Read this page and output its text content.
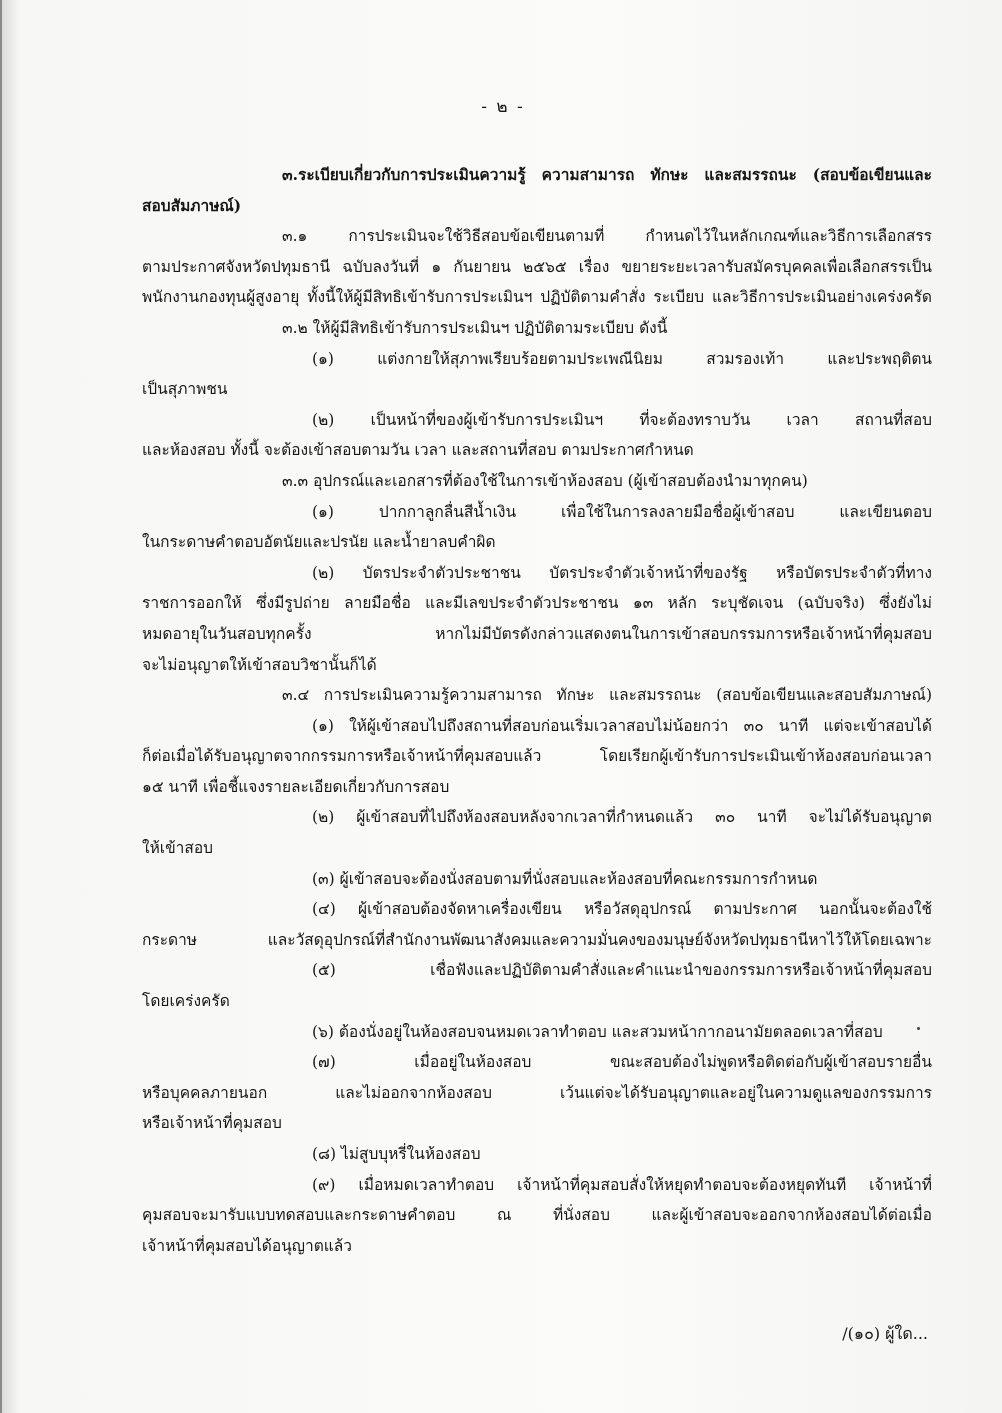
- ๒ -
๓.ระเบียบเกี่ยวกับการประเมินความรู้ ความสามารถ ทักษะ และสมรรถนะ (สอบข้อเขียนและ
สอบสัมภาษณ์)
๓.๑ การประเมินจะใช้วิธีสอบข้อเขียนตามที่ กำหนดไว้ในหลักเกณฑ์และวิธีการเลือกสรร
ตามประกาศจังหวัดปทุมธานี ฉบับลงวันที่ ๑ กันยายน ๒๕๖๕ เรื่อง ขยายระยะเวลารับสมัครบุคคลเพื่อเลือกสรรเป็น
พนักงานกองทุนผู้สูงอายุ ทั้งนี้ให้ผู้มีสิทธิเข้ารับการประเมินฯ ปฏิบัติตามคำสั่ง ระเบียบ และวิธีการประเมินอย่างเคร่งครัด
๓.๒ ให้ผู้มีสิทธิเข้ารับการประเมินฯ ปฏิบัติตามระเบียบ ดังนี้
(๑) แต่งกายให้สุภาพเรียบร้อยตามประเพณีนิยม สวมรองเท้า และประพฤติตน
เป็นสุภาพชน
(๒) เป็นหน้าที่ของผู้เข้ารับการประเมินฯ ที่จะต้องทราบวัน เวลา สถานที่สอบ
และห้องสอบ ทั้งนี้ จะต้องเข้าสอบตามวัน เวลา และสถานที่สอบ ตามประกาศกำหนด
๓.๓ อุปกรณ์และเอกสารที่ต้องใช้ในการเข้าห้องสอบ (ผู้เข้าสอบต้องนำมาทุกคน)
(๑) ปากกาลูกลื่นสีน้ำเงิน เพื่อใช้ในการลงลายมือชื่อผู้เข้าสอบ และเขียนตอบ
ในกระดาษคำตอบอัตนัยและปรนัย และน้ำยาลบคำผิด
(๒) บัตรประจำตัวประชาชน บัตรประจำตัวเจ้าหน้าที่ของรัฐ หรือบัตรประจำตัวที่ทาง
ราชการออกให้ ซึ่งมีรูปถ่าย ลายมือชื่อ และมีเลขประจำตัวประชาชน ๑๓ หลัก ระบุชัดเจน (ฉบับจริง) ซึ่งยังไม่
หมดอายุในวันสอบทุกครั้ง หากไม่มีบัตรดังกล่าวแสดงตนในการเข้าสอบกรรมการหรือเจ้าหน้าที่คุมสอบ
จะไม่อนุญาตให้เข้าสอบวิชานั้นก็ได้
๓.๔ การประเมินความรู้ความสามารถ ทักษะ และสมรรถนะ (สอบข้อเขียนและสอบสัมภาษณ์)
(๑) ให้ผู้เข้าสอบไปถึงสถานที่สอบก่อนเริ่มเวลาสอบไม่น้อยกว่า ๓๐ นาที แต่จะเข้าสอบได้
ก็ต่อเมื่อได้รับอนุญาตจากกรรมการหรือเจ้าหน้าที่คุมสอบแล้ว โดยเรียกผู้เข้ารับการประเมินเข้าห้องสอบก่อนเวลา
๑๕ นาที เพื่อชี้แจงรายละเอียดเกี่ยวกับการสอบ
(๒) ผู้เข้าสอบที่ไปถึงห้องสอบหลังจากเวลาที่กำหนดแล้ว ๓๐ นาที จะไม่ได้รับอนุญาต
ให้เข้าสอบ
(๓) ผู้เข้าสอบจะต้องนั่งสอบตามที่นั่งสอบและห้องสอบที่คณะกรรมการกำหนด
(๔) ผู้เข้าสอบต้องจัดหาเครื่องเขียน หรือวัสดุอุปกรณ์ ตามประกาศ นอกนั้นจะต้องใช้
กระดาษ และวัสดุอุปกรณ์ที่สำนักงานพัฒนาสังคมและความมั่นคงของมนุษย์จังหวัดปทุมธานีหาไว้ให้โดยเฉพาะ
(๕) เชื่อฟังและปฏิบัติตามคำสั่งและคำแนะนำของกรรมการหรือเจ้าหน้าที่คุมสอบ
โดยเคร่งครัด
(๖) ต้องนั่งอยู่ในห้องสอบจนหมดเวลาทำตอบ และสวมหน้ากากอนามัยตลอดเวลาที่สอบ
(๗) เมื่ออยู่ในห้องสอบ ขณะสอบต้องไม่พูดหรือติดต่อกับผู้เข้าสอบรายอื่น
หรือบุคคลภายนอก และไม่ออกจากห้องสอบ เว้นแต่จะได้รับอนุญาตและอยู่ในความดูแลของกรรมการ
หรือเจ้าหน้าที่คุมสอบ
(๘) ไม่สูบบุหรี่ในห้องสอบ
(๙) เมื่อหมดเวลาทำตอบ เจ้าหน้าที่คุมสอบสั่งให้หยุดทำตอบจะต้องหยุดทันที เจ้าหน้าที่
คุมสอบจะมารับแบบทดสอบและกระดาษคำตอบ ณ ที่นั่งสอบ และผู้เข้าสอบจะออกจากห้องสอบได้ต่อเมื่อ
เจ้าหน้าที่คุมสอบได้อนุญาตแล้ว
/(๑๐) ผู้ใด...
